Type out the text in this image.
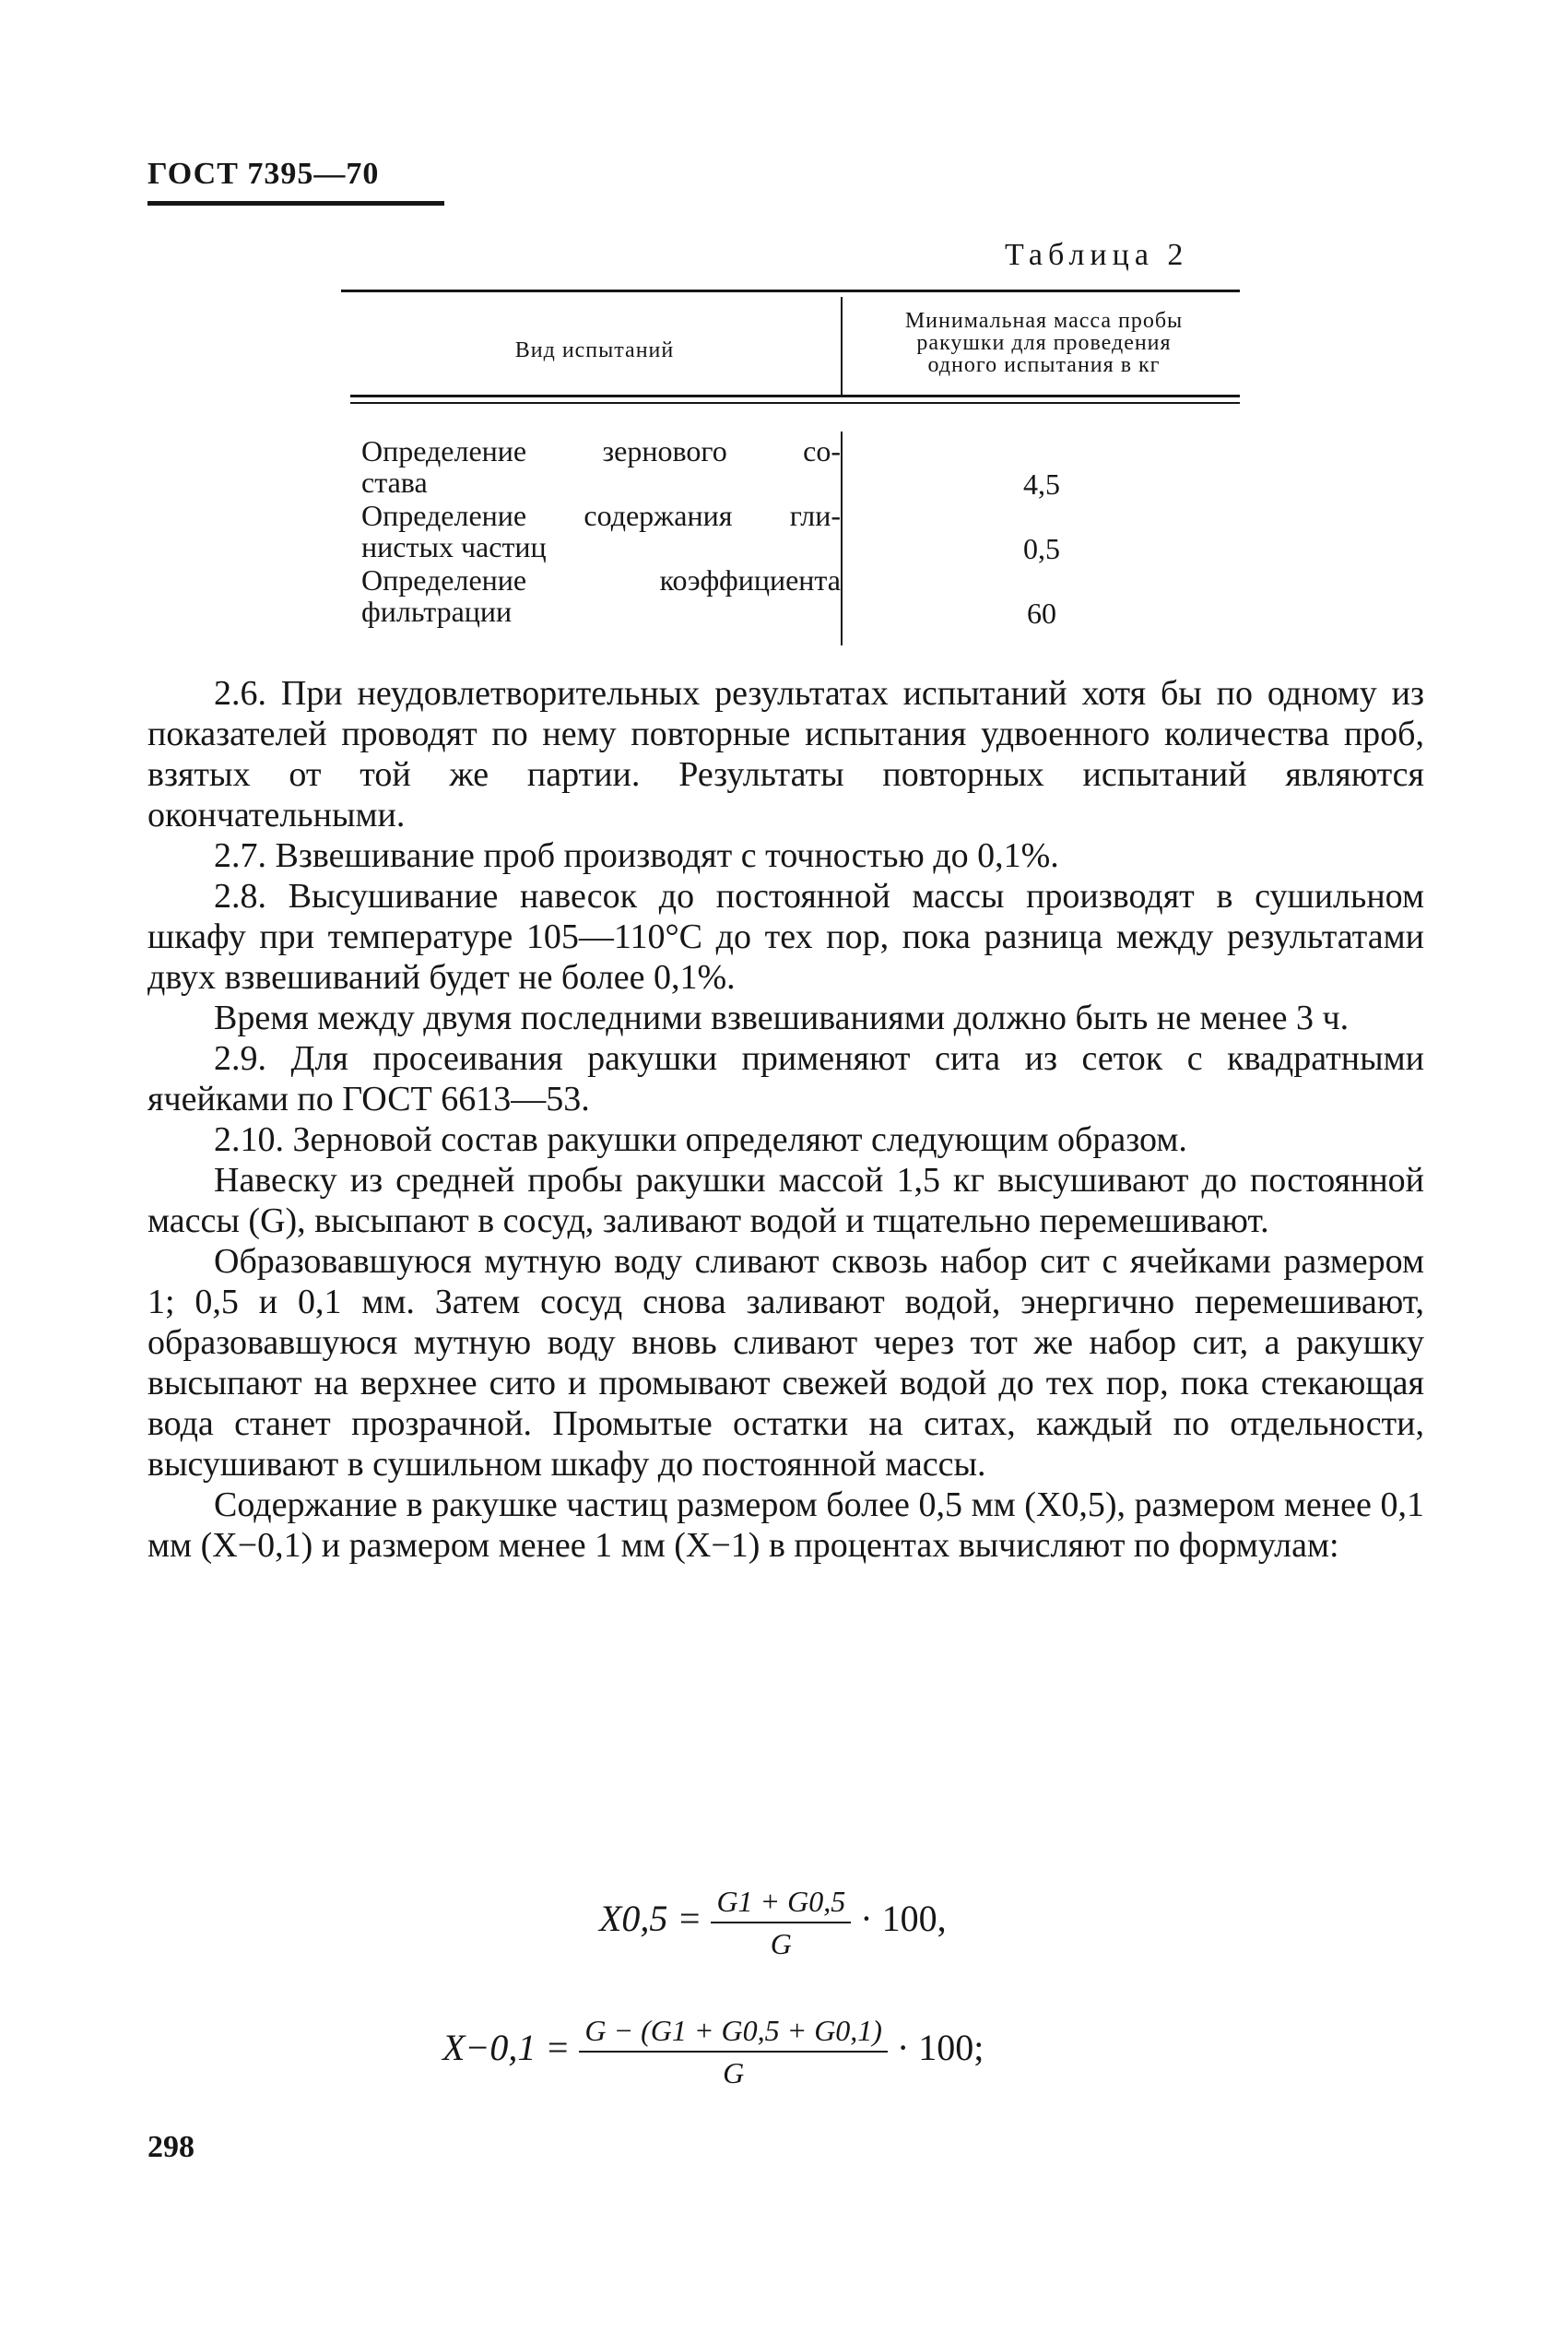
ГОСТ 7395—70
Таблица 2
Вид испытаний
Минимальная масса пробы
ракушки для проведения
одного испытания в кг
Определение зернового со-
става	4,5
Определение содержания гли-
нистых частиц	0,5
Определение коэффициента
фильтрации	60

2.6. При неудовлетворительных результатах испытаний хотя бы по одному из показателей проводят по нему повторные испытания удвоенного количества проб, взятых от той же партии. Результаты повторных испытаний являются окончательными.

2.7. Взвешивание проб производят с точностью до 0,1%.

2.8. Высушивание навесок до постоянной массы производят в сушильном шкафу при температуре 105—110°С до тех пор, пока разница между результатами двух взвешиваний будет не более 0,1%.

Время между двумя последними взвешиваниями должно быть не менее 3 ч.

2.9. Для просеивания ракушки применяют сита из сеток с квадратными ячейками по ГОСТ 6613—53.

2.10. Зерновой состав ракушки определяют следующим образом.

Навеску из средней пробы ракушки массой 1,5 кг высушивают до постоянной массы (G), высыпают в сосуд, заливают водой и тщательно перемешивают.

Образовавшуюся мутную воду сливают сквозь набор сит с ячейками размером 1; 0,5 и 0,1 мм. Затем сосуд снова заливают водой, энергично перемешивают, образовавшуюся мутную воду вновь сливают через тот же набор сит, а ракушку высыпают на верхнее сито и промывают свежей водой до тех пор, пока стекающая вода станет прозрачной. Промытые остатки на ситах, каждый по отдельности, высушивают в сушильном шкафу до постоянной массы.

Содержание в ракушке частиц размером более 0,5 мм (X0,5), размером менее 0,1 мм (X−0,1) и размером менее 1 мм (X−1) в процентах вычисляют по формулам:

$X0,5 = \frac{G1 + G0,5}{G} \cdot 100$,
$X-0,1 = \frac{G - (G1 + G0,5 + G0,1)}{G} \cdot 100$;
298
